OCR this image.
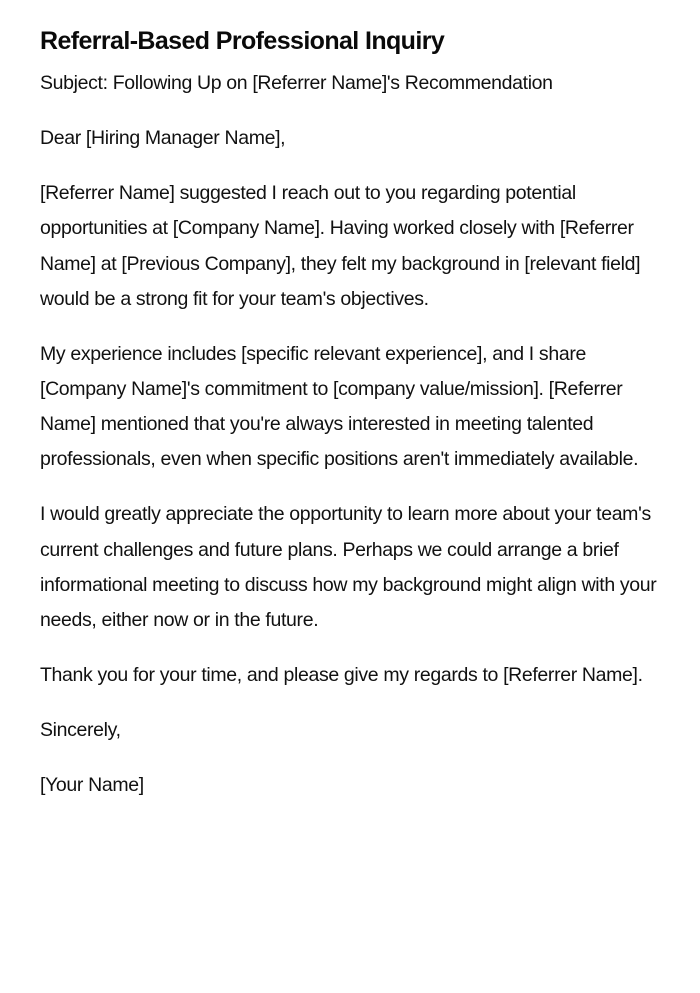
Referral-Based Professional Inquiry

Subject: Following Up on [Referrer Name]'s Recommendation

Dear [Hiring Manager Name],

[Referrer Name] suggested I reach out to you regarding potential opportunities at [Company Name]. Having worked closely with [Referrer Name] at [Previous Company], they felt my background in [relevant field] would be a strong fit for your team's objectives.

My experience includes [specific relevant experience], and I share [Company Name]'s commitment to [company value/mission]. [Referrer Name] mentioned that you're always interested in meeting talented professionals, even when specific positions aren't immediately available.

I would greatly appreciate the opportunity to learn more about your team's current challenges and future plans. Perhaps we could arrange a brief informational meeting to discuss how my background might align with your needs, either now or in the future.

Thank you for your time, and please give my regards to [Referrer Name].

Sincerely,

[Your Name]
